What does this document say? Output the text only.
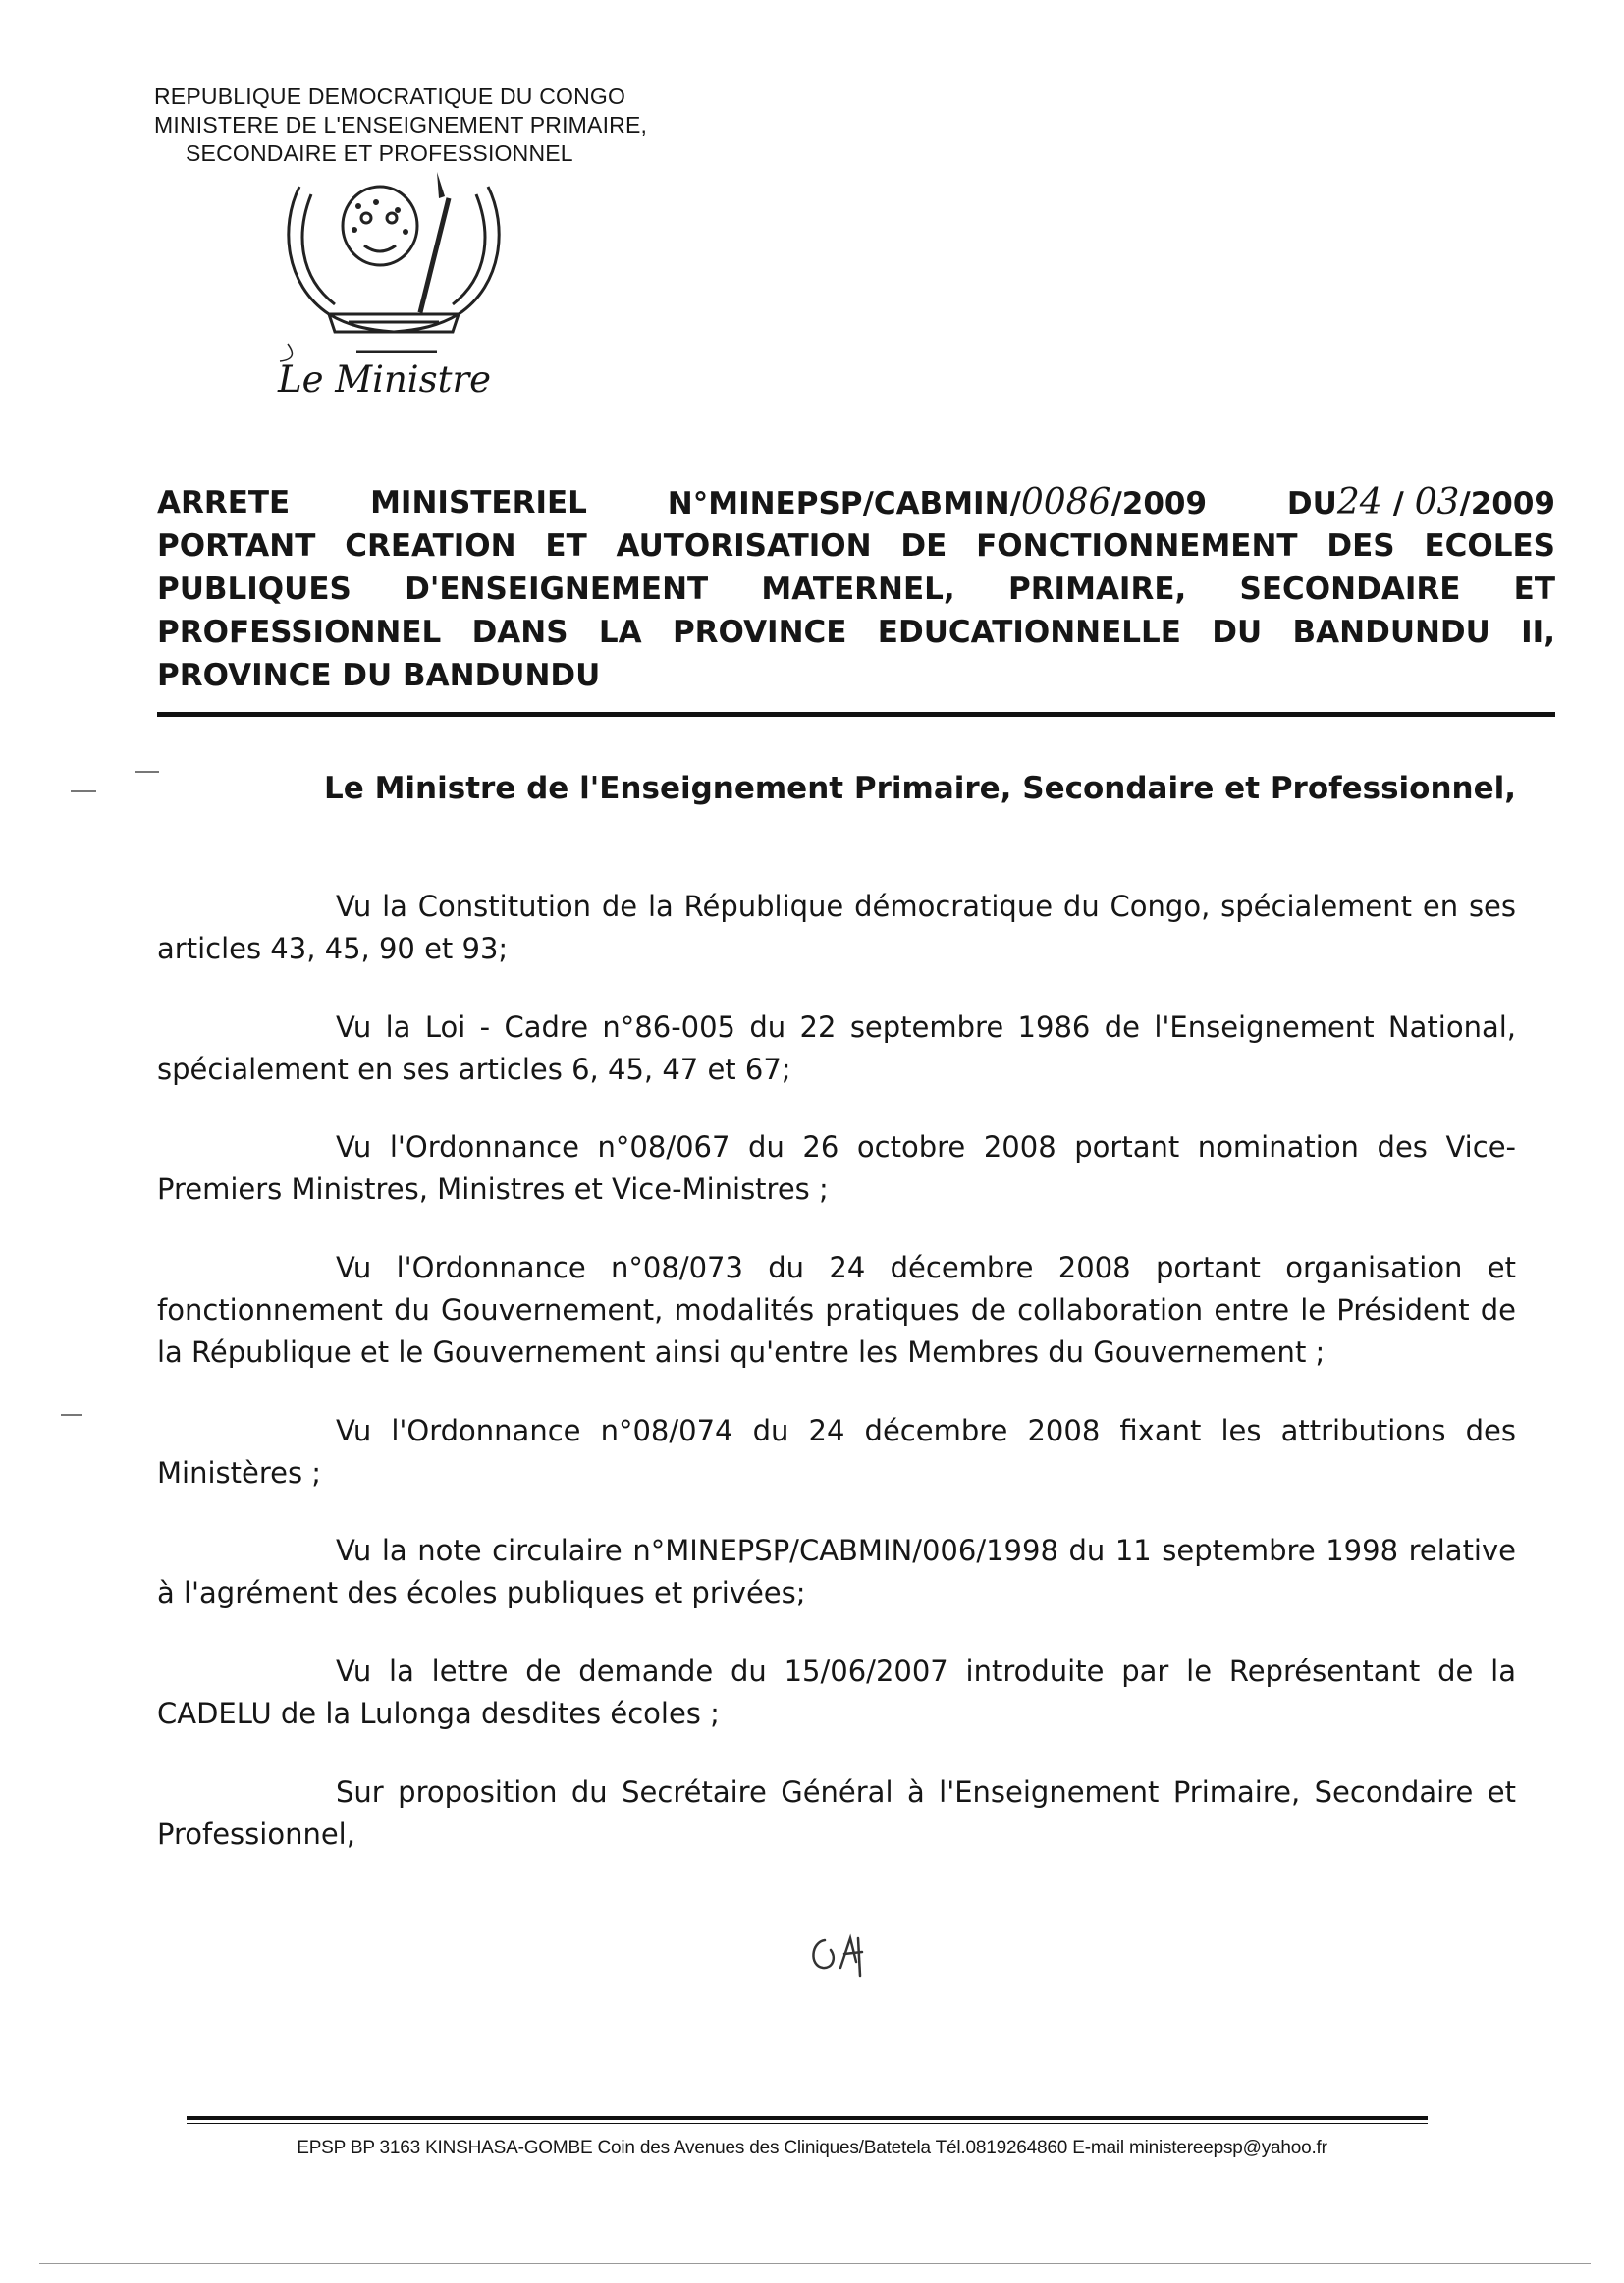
REPUBLIQUE DEMOCRATIQUE DU CONGO
MINISTERE DE L'ENSEIGNEMENT PRIMAIRE,
SECONDAIRE ET PROFESSIONNEL
Le Ministre
ARRETE	MINISTERIEL	N°MINEPSP/CABMIN/0086/2009	DU24 / 03/2009
PORTANT CREATION ET AUTORISATION DE FONCTIONNEMENT DES ECOLES
PUBLIQUES D'ENSEIGNEMENT MATERNEL, PRIMAIRE, SECONDAIRE ET
PROFESSIONNEL DANS LA PROVINCE EDUCATIONNELLE DU BANDUNDU II,
PROVINCE DU BANDUNDU
Le Ministre de l'Enseignement Primaire, Secondaire et Professionnel,
Vu la Constitution de la République démocratique du Congo, spécialement en ses articles 43, 45, 90 et 93;
Vu la Loi - Cadre n°86-005 du 22 septembre 1986 de l'Enseignement National, spécialement en ses articles 6, 45, 47 et 67;
Vu l'Ordonnance n°08/067 du 26 octobre 2008 portant nomination des Vice-Premiers Ministres, Ministres et Vice-Ministres ;
Vu l'Ordonnance n°08/073 du 24 décembre 2008 portant organisation et fonctionnement du Gouvernement, modalités pratiques de collaboration entre le Président de la République et le Gouvernement ainsi qu'entre les Membres du Gouvernement ;
Vu l'Ordonnance n°08/074 du 24 décembre 2008 fixant les attributions des Ministères ;
Vu la note circulaire n°MINEPSP/CABMIN/006/1998 du 11 septembre 1998 relative à l'agrément des écoles publiques et privées;
Vu la lettre de demande du 15/06/2007 introduite par le Représentant de la CADELU de la Lulonga desdites écoles ;
Sur proposition du Secrétaire Général à l'Enseignement Primaire, Secondaire et Professionnel,
EPSP BP 3163 KINSHASA-GOMBE Coin des Avenues des Cliniques/Batetela Tél.0819264860 E-mail ministereepsp@yahoo.fr
